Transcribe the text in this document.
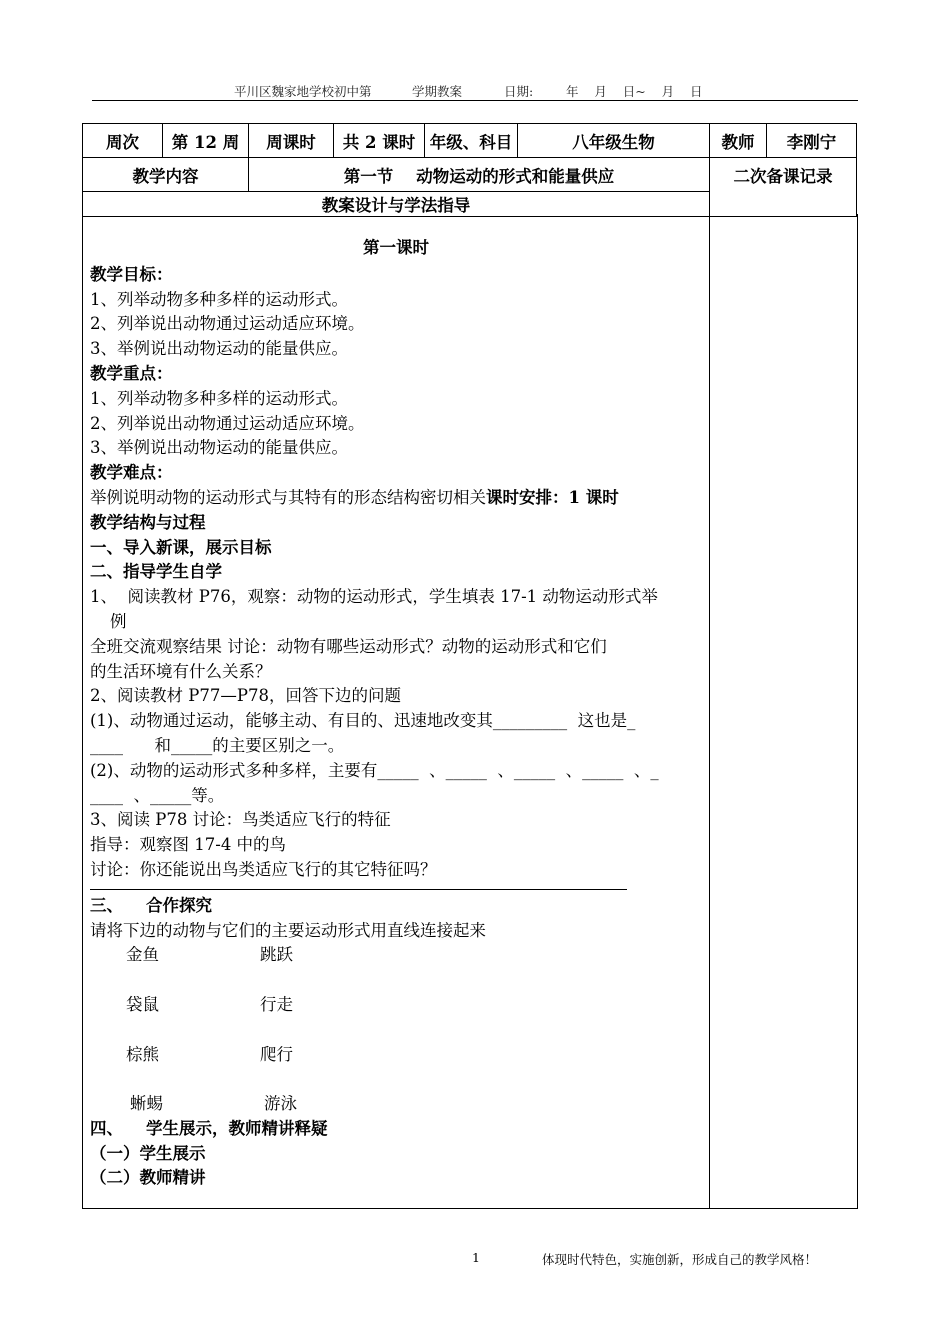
平川区魏家地学校初中第	学期教案	日期:	年    月    日~    月    日
周次	第 12 周	周课时	共 2 课时	年级、科目	八年级生物	教师	李刚宁
教学内容		第一节    动物运动的形式和能量供应				二次备课记录	
教案设计与学法指导							
第一课时
教学目标：
1、列举动物多种多样的运动形式。
2、列举说出动物通过运动适应环境。
3、举例说出动物运动的能量供应。
教学重点：
1、列举动物多种多样的运动形式。
2、列举说出动物通过运动适应环境。
3、举例说出动物运动的能量供应。
教学难点：
举例说明动物的运动形式与其特有的形态结构密切相关课时安排：1 课时
教学结构与过程
一、导入新课，展示目标
二、指导学生自学
1、  阅读教材 P76，观察：动物的运动形式，学生填表 17-1 动物运动形式举
例
全班交流观察结果 讨论：动物有哪些运动形式？动物的运动形式和它们
的生活环境有什么关系？
2、阅读教材 P77—P78，回答下边的问题
(1)、动物通过运动，能够主动、有目的、迅速地改变其_________  这也是_
____      和_____的主要区别之一。
(2)、动物的运动形式多种多样，主要有_____  、_____  、_____  、_____  、_
____  、_____等。
3、阅读 P78 讨论：鸟类适应飞行的特征
指导：观察图 17-4 中的鸟
讨论：你还能说出鸟类适应飞行的其它特征吗？
三、    合作探究
请将下边的动物与它们的主要运动形式用直线连接起来
金鱼	跳跃
袋鼠	行走
棕熊	爬行
蜥蜴	游泳
四、    学生展示，教师精讲释疑
（一）学生展示
（二）教师精讲
1	体现时代特色，实施创新，形成自己的教学风格！
